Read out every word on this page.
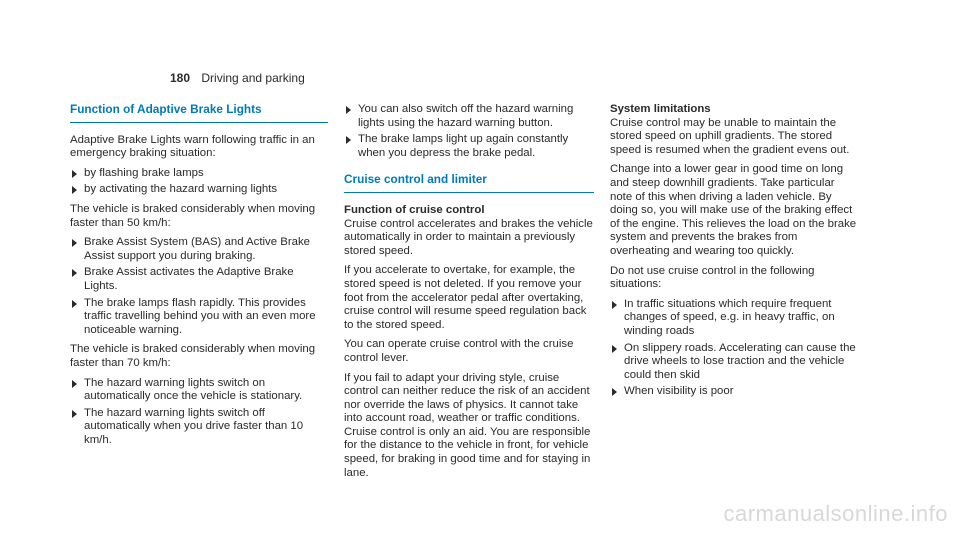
180 Driving and parking
Function of Adaptive Brake Lights

Adaptive Brake Lights warn following traffic in an emergency braking situation:

by flashing brake lamps
by activating the hazard warning lights

The vehicle is braked considerably when moving faster than 50 km/h:

Brake Assist System (BAS) and Active Brake Assist support you during braking.
Brake Assist activates the Adaptive Brake Lights.
The brake lamps flash rapidly. This provides traffic travelling behind you with an even more noticeable warning.

The vehicle is braked considerably when moving faster than 70 km/h:

The hazard warning lights switch on automatically once the vehicle is stationary.
The hazard warning lights switch off automatically when you drive faster than 10 km/h.
You can also switch off the hazard warning lights using the hazard warning button.
The brake lamps light up again constantly when you depress the brake pedal.
Cruise control and limiter
Function of cruise control

Cruise control accelerates and brakes the vehicle automatically in order to maintain a previously stored speed.

If you accelerate to overtake, for example, the stored speed is not deleted. If you remove your foot from the accelerator pedal after overtaking, cruise control will resume speed regulation back to the stored speed.

You can operate cruise control with the cruise control lever.

If you fail to adapt your driving style, cruise control can neither reduce the risk of an accident nor override the laws of physics. It cannot take into account road, weather or traffic conditions. Cruise control is only an aid. You are responsible for the distance to the vehicle in front, for vehicle speed, for braking in good time and for staying in lane.

System limitations

Cruise control may be unable to maintain the stored speed on uphill gradients. The stored speed is resumed when the gradient evens out.

Change into a lower gear in good time on long and steep downhill gradients. Take particular note of this when driving a laden vehicle. By doing so, you will make use of the braking effect of the engine. This relieves the load on the brake system and prevents the brakes from overheating and wearing too quickly.

Do not use cruise control in the following situations:

In traffic situations which require frequent changes of speed, e.g. in heavy traffic, on winding roads
On slippery roads. Accelerating can cause the drive wheels to lose traction and the vehicle could then skid
When visibility is poor
carmanualsonline.info
